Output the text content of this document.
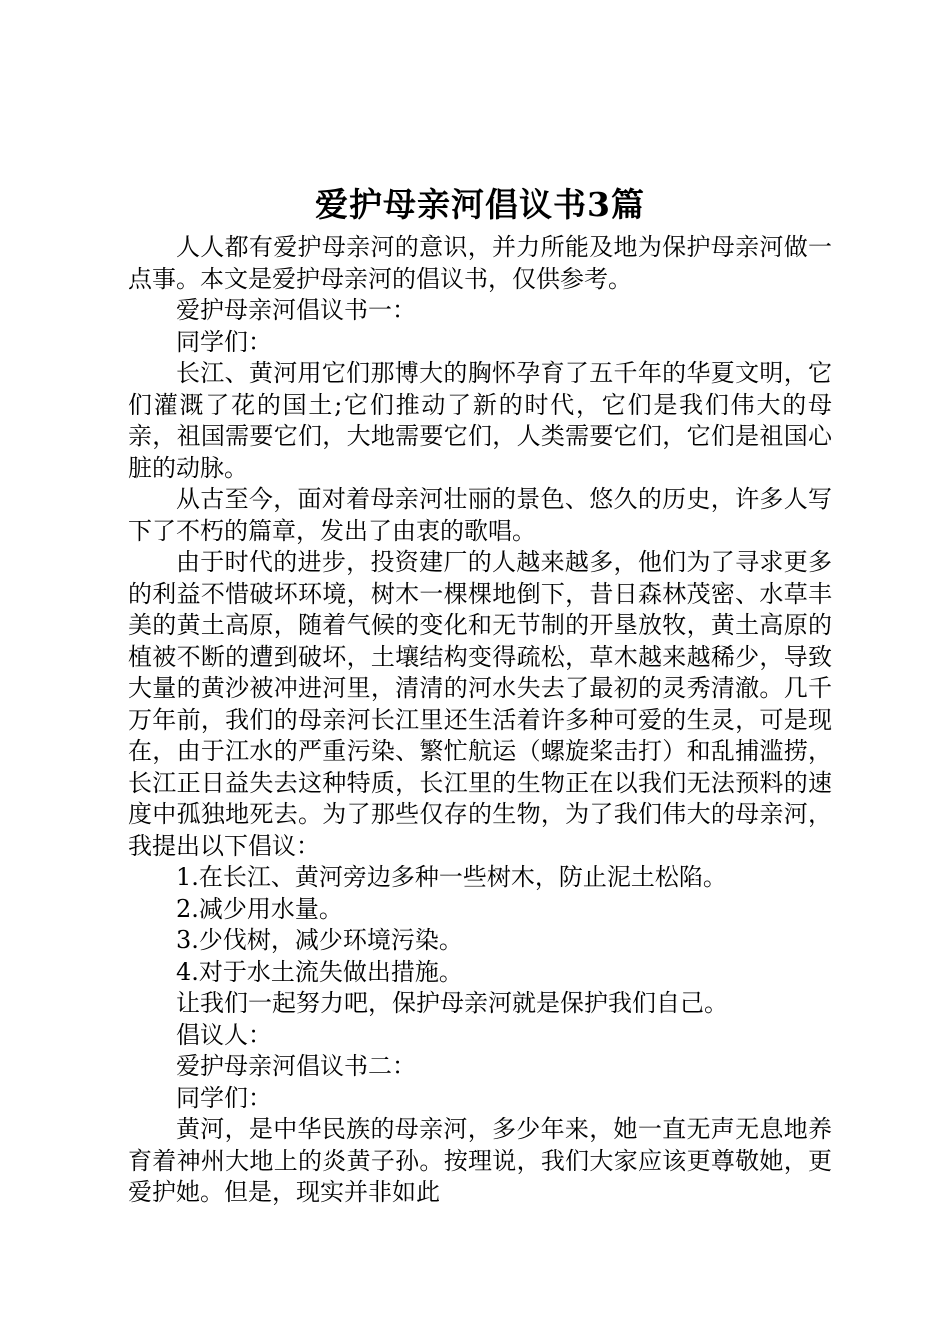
爱护母亲河倡议书3篇

人人都有爱护母亲河的意识，并力所能及地为保护母亲河做一点事。本文是爱护母亲河的倡议书，仅供参考。

爱护母亲河倡议书一：

同学们：

长江、黄河用它们那博大的胸怀孕育了五千年的华夏文明，它们灌溉了花的国土;它们推动了新的时代，它们是我们伟大的母亲，祖国需要它们，大地需要它们，人类需要它们，它们是祖国心脏的动脉。

从古至今，面对着母亲河壮丽的景色、悠久的历史，许多人写下了不朽的篇章，发出了由衷的歌唱。

由于时代的进步，投资建厂的人越来越多，他们为了寻求更多的利益不惜破坏环境，树木一棵棵地倒下，昔日森林茂密、水草丰美的黄土高原，随着气候的变化和无节制的开垦放牧，黄土高原的植被不断的遭到破坏，土壤结构变得疏松，草木越来越稀少，导致大量的黄沙被冲进河里，清清的河水失去了最初的灵秀清澈。几千万年前，我们的母亲河长江里还生活着许多种可爱的生灵，可是现在，由于江水的严重污染、繁忙航运（螺旋桨击打）和乱捕滥捞，长江正日益失去这种特质，长江里的生物正在以我们无法预料的速度中孤独地死去。为了那些仅存的生物，为了我们伟大的母亲河，我提出以下倡议：

1.在长江、黄河旁边多种一些树木，防止泥土松陷。

2.减少用水量。

3.少伐树，减少环境污染。

4.对于水土流失做出措施。

让我们一起努力吧，保护母亲河就是保护我们自己。

倡议人：

爱护母亲河倡议书二：

同学们：

黄河，是中华民族的母亲河，多少年来，她一直无声无息地养育着神州大地上的炎黄子孙。按理说，我们大家应该更尊敬她，更爱护她。但是，现实并非如此
